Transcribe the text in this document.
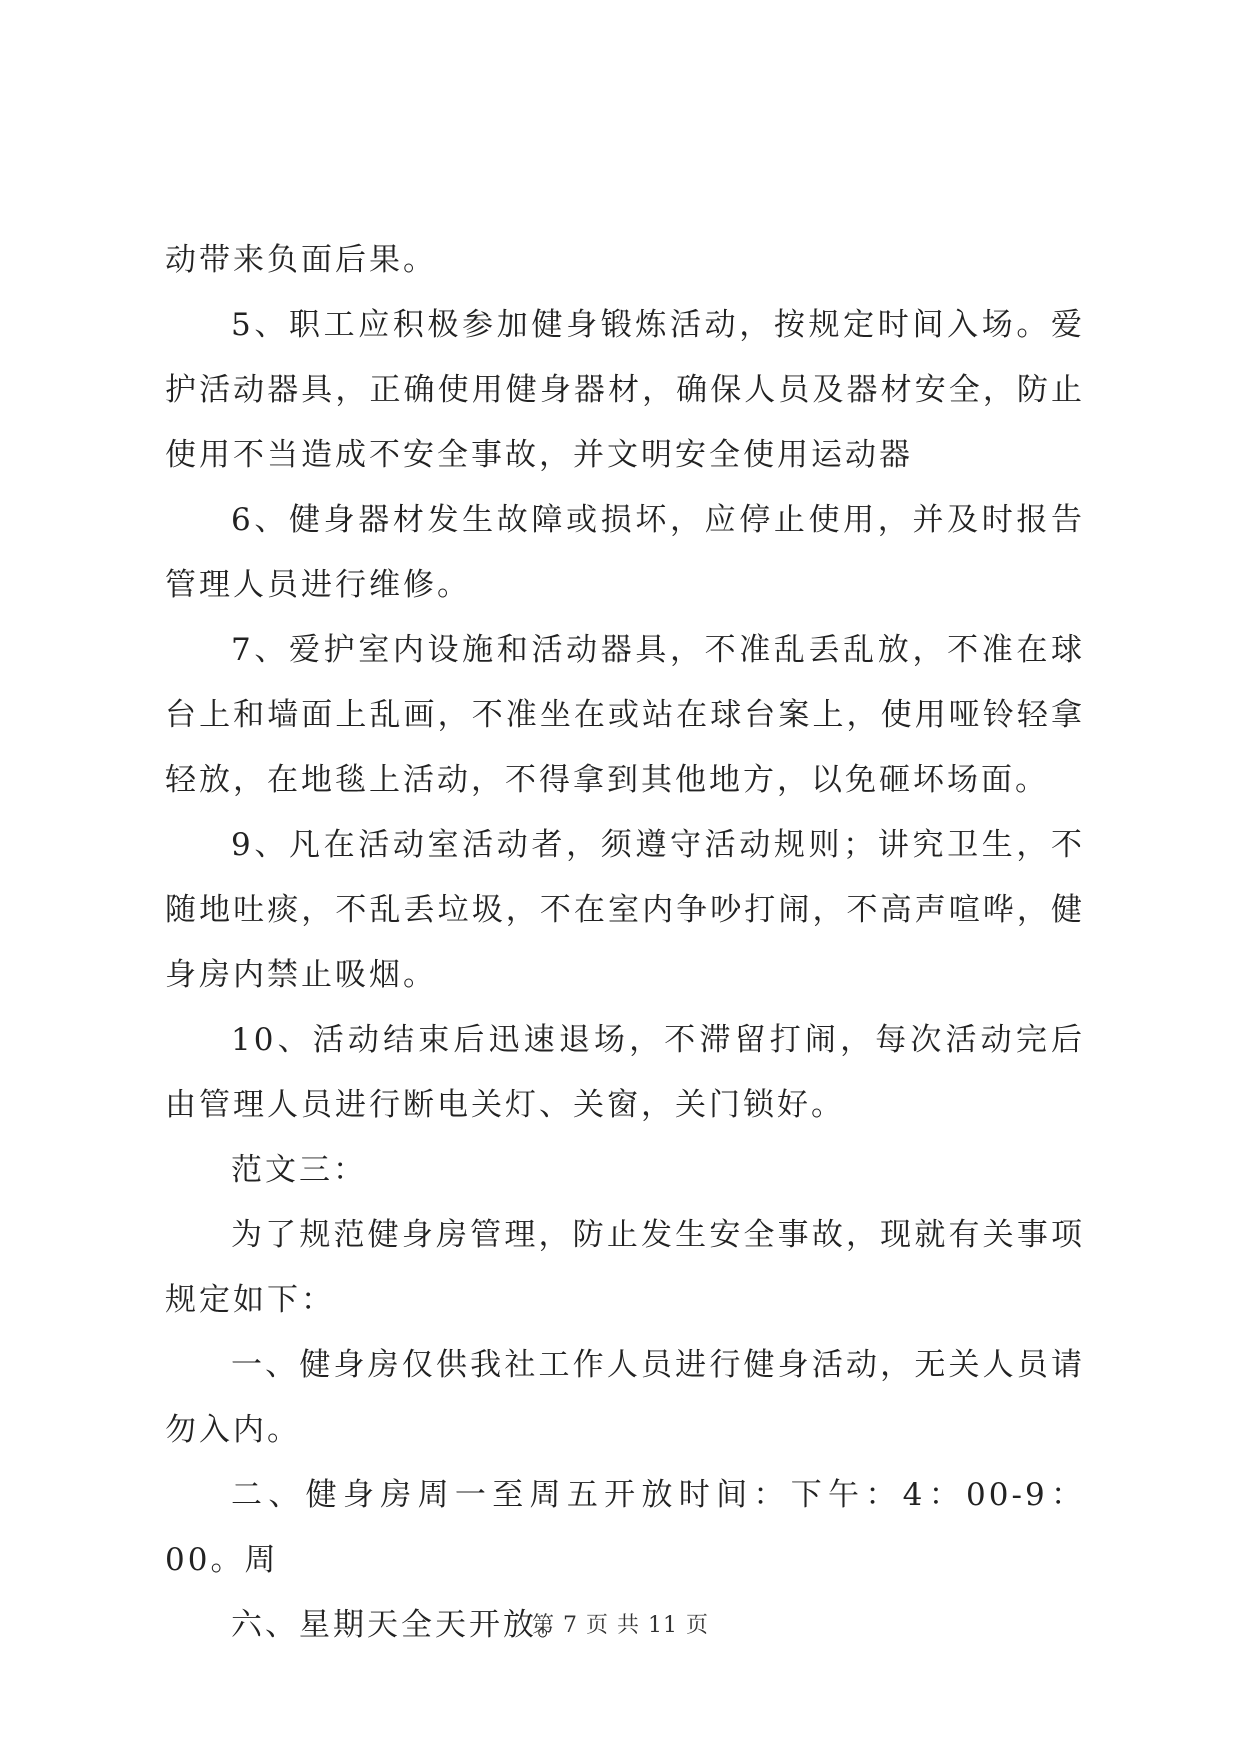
动带来负面后果。

5、职工应积极参加健身锻炼活动，按规定时间入场。爱护活动器具，正确使用健身器材，确保人员及器材安全，防止使用不当造成不安全事故，并文明安全使用运动器

6、健身器材发生故障或损坏，应停止使用，并及时报告管理人员进行维修。

7、爱护室内设施和活动器具，不准乱丢乱放，不准在球台上和墙面上乱画，不准坐在或站在球台案上，使用哑铃轻拿轻放，在地毯上活动，不得拿到其他地方，以免砸坏场面。

9、凡在活动室活动者，须遵守活动规则；讲究卫生，不随地吐痰，不乱丢垃圾，不在室内争吵打闹，不高声喧哗，健身房内禁止吸烟。

10、活动结束后迅速退场，不滞留打闹，每次活动完后由管理人员进行断电关灯、关窗，关门锁好。

范文三：

为了规范健身房管理，防止发生安全事故，现就有关事项规定如下：

一、健身房仅供我社工作人员进行健身活动，无关人员请勿入内。

二、健身房周一至周五开放时间：下午：4：00-9：00。周

六、星期天全天开放。

第 7 页 共 11 页
